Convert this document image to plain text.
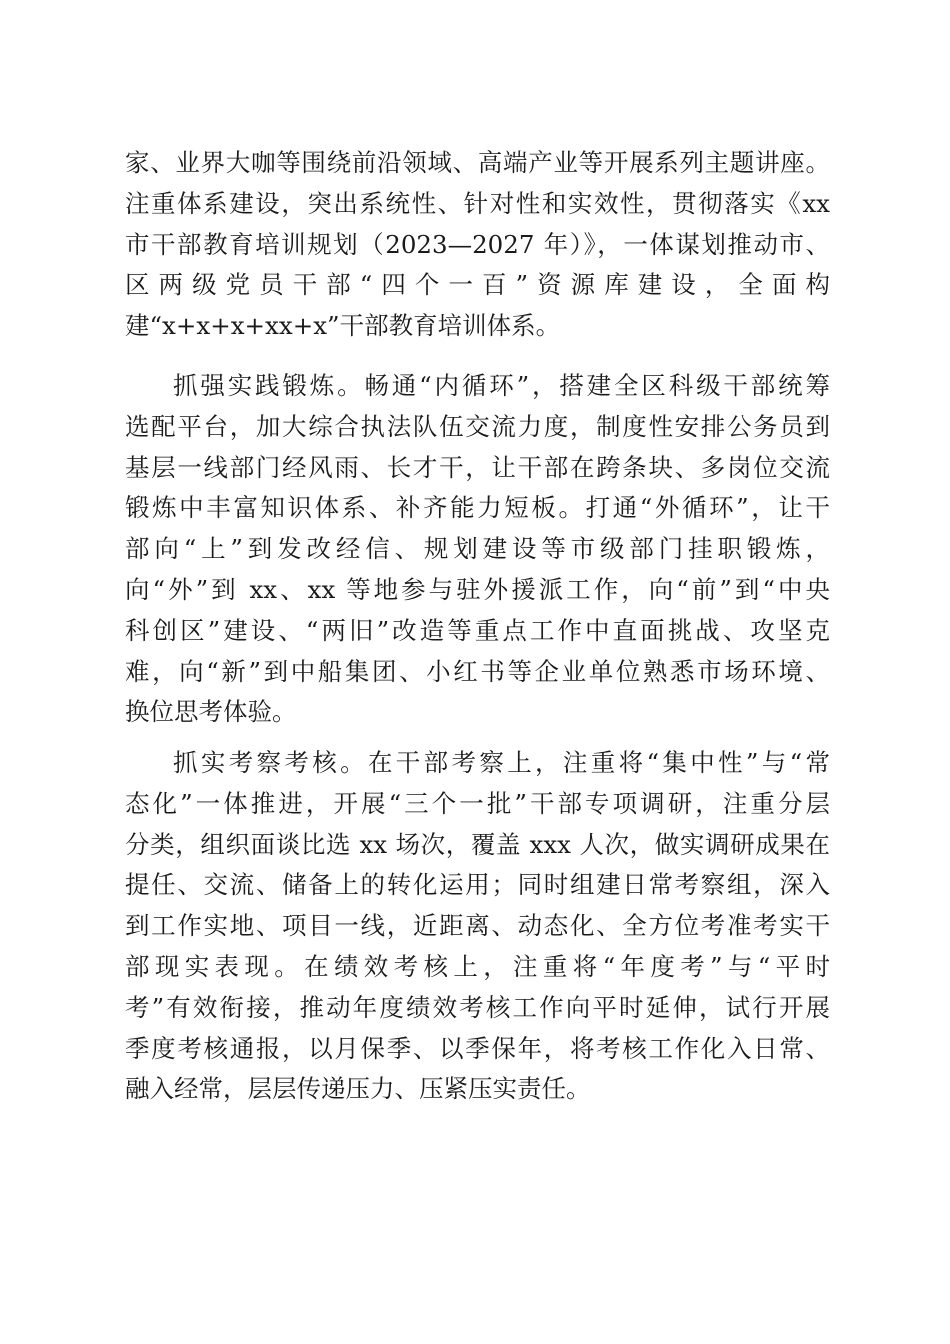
家、业界大咖等围绕前沿领域、高端产业等开展系列主题讲座。
注重体系建设，突出系统性、针对性和实效性，贯彻落实《xx
市干部教育培训规划（2023—2027 年）》，一体谋划推动市、
区两级党员干部“四个一百”资源库建设，全面构
建“x+x+x+xx+x”干部教育培训体系。
抓强实践锻炼。畅通“内循环”，搭建全区科级干部统筹
选配平台，加大综合执法队伍交流力度，制度性安排公务员到
基层一线部门经风雨、长才干，让干部在跨条块、多岗位交流
锻炼中丰富知识体系、补齐能力短板。打通“外循环”，让干
部向“上”到发改经信、规划建设等市级部门挂职锻炼，
向“外”到 xx、xx 等地参与驻外援派工作，向“前”到“中央
科创区”建设、“两旧”改造等重点工作中直面挑战、攻坚克
难，向“新”到中船集团、小红书等企业单位熟悉市场环境、
换位思考体验。
抓实考察考核。在干部考察上，注重将“集中性”与“常
态化”一体推进，开展“三个一批”干部专项调研，注重分层
分类，组织面谈比选 xx 场次，覆盖 xxx 人次，做实调研成果在
提任、交流、储备上的转化运用；同时组建日常考察组，深入
到工作实地、项目一线，近距离、动态化、全方位考准考实干
部现实表现。在绩效考核上，注重将“年度考”与“平时
考”有效衔接，推动年度绩效考核工作向平时延伸，试行开展
季度考核通报，以月保季、以季保年，将考核工作化入日常、
融入经常，层层传递压力、压紧压实责任。
